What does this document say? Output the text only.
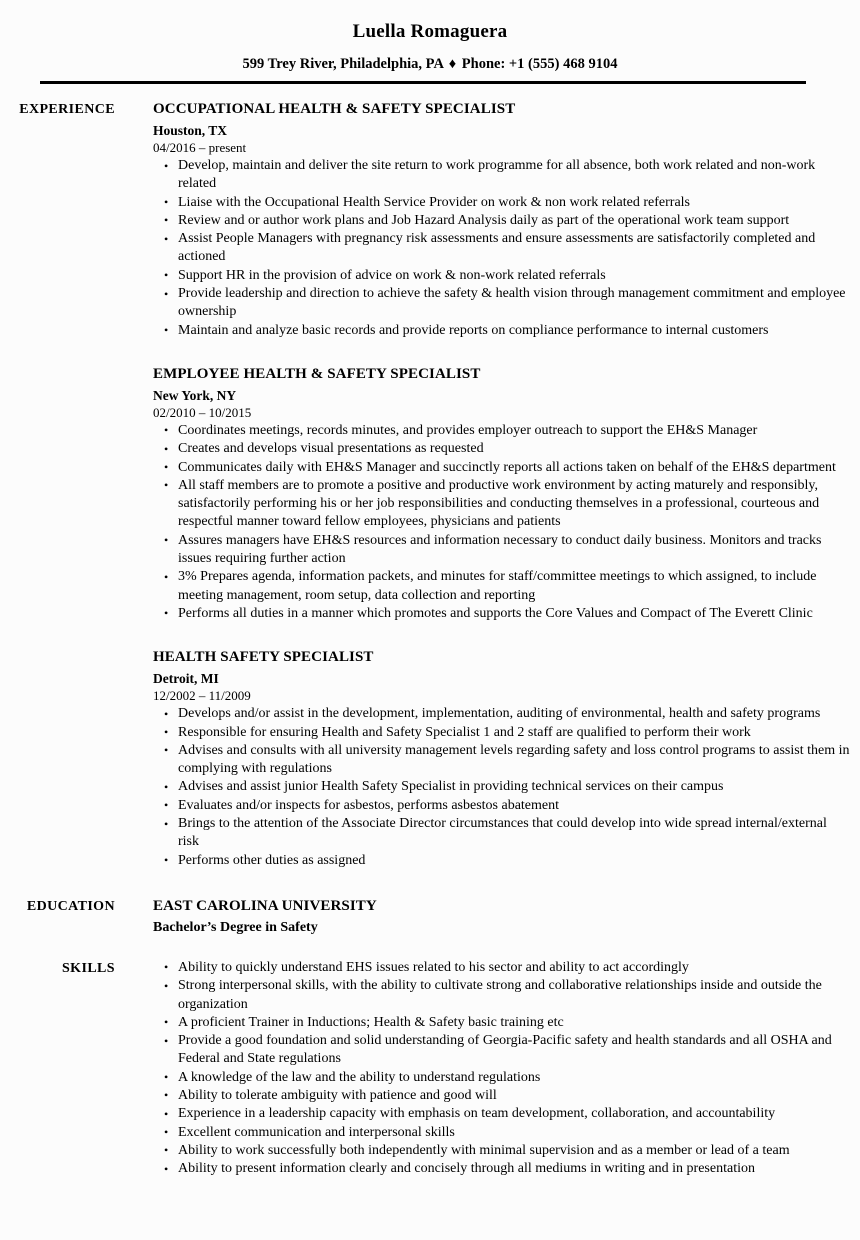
Luella Romaguera
599 Trey River, Philadelphia, PA ♦ Phone: +1 (555) 468 9104
EXPERIENCE	OCCUPATIONAL HEALTH & SAFETY SPECIALIST
Houston, TX
04/2016 – present
• Develop, maintain and deliver the site return to work programme for all absence, both work related and non-work related
• Liaise with the Occupational Health Service Provider on work & non work related referrals
• Review and or author work plans and Job Hazard Analysis daily as part of the operational work team support
• Assist People Managers with pregnancy risk assessments and ensure assessments are satisfactorily completed and actioned
• Support HR in the provision of advice on work & non-work related referrals
• Provide leadership and direction to achieve the safety & health vision through management commitment and employee ownership
• Maintain and analyze basic records and provide reports on compliance performance to internal customers
EMPLOYEE HEALTH & SAFETY SPECIALIST
New York, NY
02/2010 – 10/2015
• Coordinates meetings, records minutes, and provides employer outreach to support the EH&S Manager
• Creates and develops visual presentations as requested
• Communicates daily with EH&S Manager and succinctly reports all actions taken on behalf of the EH&S department
• All staff members are to promote a positive and productive work environment by acting maturely and responsibly, satisfactorily performing his or her job responsibilities and conducting themselves in a professional, courteous and respectful manner toward fellow employees, physicians and patients
• Assures managers have EH&S resources and information necessary to conduct daily business. Monitors and tracks issues requiring further action
• 3% Prepares agenda, information packets, and minutes for staff/committee meetings to which assigned, to include meeting management, room setup, data collection and reporting
• Performs all duties in a manner which promotes and supports the Core Values and Compact of The Everett Clinic
HEALTH SAFETY SPECIALIST
Detroit, MI
12/2002 – 11/2009
• Develops and/or assist in the development, implementation, auditing of environmental, health and safety programs
• Responsible for ensuring Health and Safety Specialist 1 and 2 staff are qualified to perform their work
• Advises and consults with all university management levels regarding safety and loss control programs to assist them in complying with regulations
• Advises and assist junior Health Safety Specialist in providing technical services on their campus
• Evaluates and/or inspects for asbestos, performs asbestos abatement
• Brings to the attention of the Associate Director circumstances that could develop into wide spread internal/external risk
• Performs other duties as assigned
EDUCATION	EAST CAROLINA UNIVERSITY
Bachelor’s Degree in Safety
SKILLS	• Ability to quickly understand EHS issues related to his sector and ability to act accordingly
• Strong interpersonal skills, with the ability to cultivate strong and collaborative relationships inside and outside the organization
• A proficient Trainer in Inductions; Health & Safety basic training etc
• Provide a good foundation and solid understanding of Georgia-Pacific safety and health standards and all OSHA and Federal and State regulations
• A knowledge of the law and the ability to understand regulations
• Ability to tolerate ambiguity with patience and good will
• Experience in a leadership capacity with emphasis on team development, collaboration, and accountability
• Excellent communication and interpersonal skills
• Ability to work successfully both independently with minimal supervision and as a member or lead of a team
• Ability to present information clearly and concisely through all mediums in writing and in presentation
